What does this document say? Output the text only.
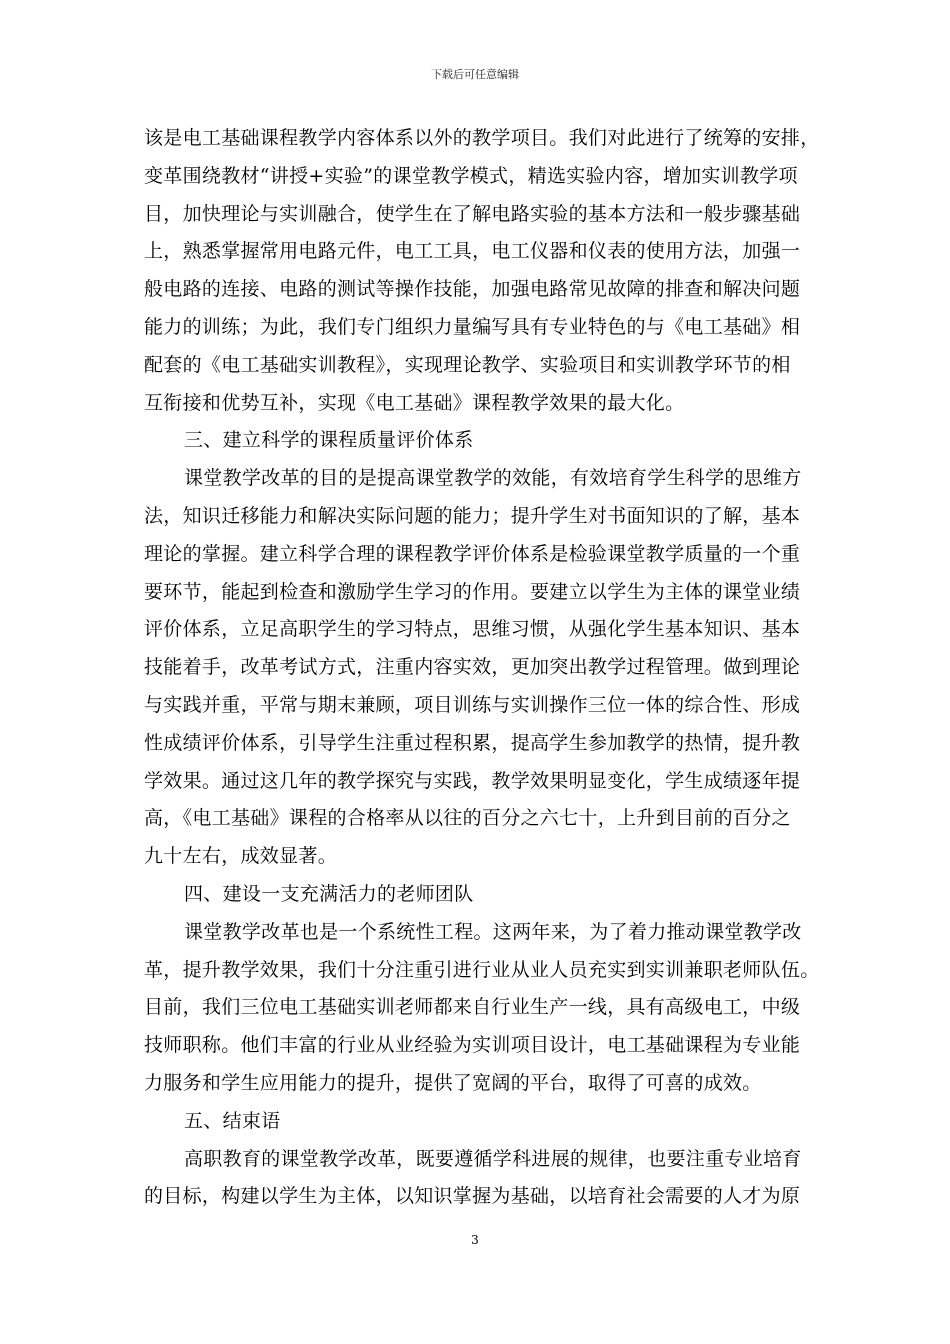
下载后可任意编辑
该是电工基础课程教学内容体系以外的教学项目。我们对此进行了统筹的安排，
变革围绕教材“讲授+实验”的课堂教学模式，精选实验内容，增加实训教学项
目，加快理论与实训融合，使学生在了解电路实验的基本方法和一般步骤基础
上，熟悉掌握常用电路元件，电工工具，电工仪器和仪表的使用方法，加强一
般电路的连接、电路的测试等操作技能，加强电路常见故障的排查和解决问题
能力的训练；为此，我们专门组织力量编写具有专业特色的与《电工基础》相
配套的《电工基础实训教程》，实现理论教学、实验项目和实训教学环节的相
互衔接和优势互补，实现《电工基础》课程教学效果的最大化。
三、建立科学的课程质量评价体系
课堂教学改革的目的是提高课堂教学的效能，有效培育学生科学的思维方
法，知识迁移能力和解决实际问题的能力；提升学生对书面知识的了解，基本
理论的掌握。建立科学合理的课程教学评价体系是检验课堂教学质量的一个重
要环节，能起到检查和激励学生学习的作用。要建立以学生为主体的课堂业绩
评价体系，立足高职学生的学习特点，思维习惯，从强化学生基本知识、基本
技能着手，改革考试方式，注重内容实效，更加突出教学过程管理。做到理论
与实践并重，平常与期末兼顾，项目训练与实训操作三位一体的综合性、形成
性成绩评价体系，引导学生注重过程积累，提高学生参加教学的热情，提升教
学效果。通过这几年的教学探究与实践，教学效果明显变化，学生成绩逐年提
高，《电工基础》课程的合格率从以往的百分之六七十，上升到目前的百分之
九十左右，成效显著。
四、建设一支充满活力的老师团队
课堂教学改革也是一个系统性工程。这两年来，为了着力推动课堂教学改
革，提升教学效果，我们十分注重引进行业从业人员充实到实训兼职老师队伍。
目前，我们三位电工基础实训老师都来自行业生产一线，具有高级电工，中级
技师职称。他们丰富的行业从业经验为实训项目设计，电工基础课程为专业能
力服务和学生应用能力的提升，提供了宽阔的平台，取得了可喜的成效。
五、结束语
高职教育的课堂教学改革，既要遵循学科进展的规律，也要注重专业培育
的目标，构建以学生为主体，以知识掌握为基础，以培育社会需要的人才为原
3
